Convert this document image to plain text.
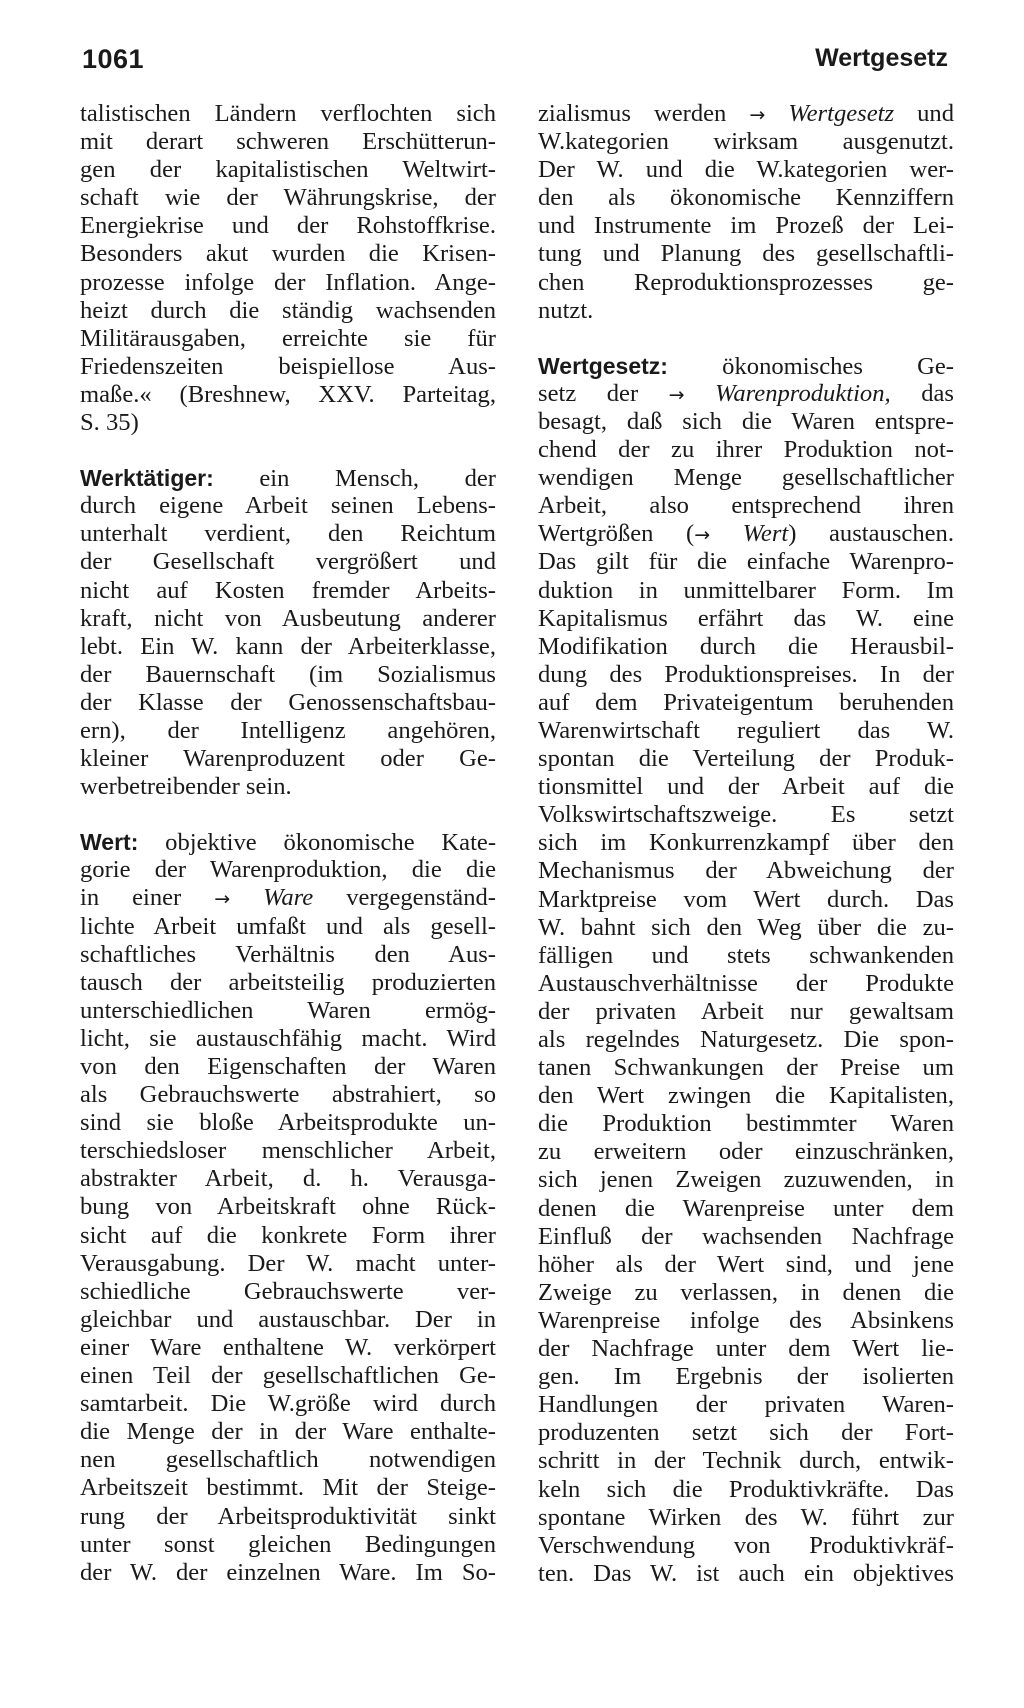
1061	Wertgesetz
talistischen Ländern verflochten sich
mit derart schweren Erschütterun-
gen der kapitalistischen Weltwirt-
schaft wie der Währungskrise, der
Energiekrise und der Rohstoffkrise.
Besonders akut wurden die Krisen-
prozesse infolge der Inflation. Ange-
heizt durch die ständig wachsenden
Militärausgaben, erreichte sie für
Friedenszeiten beispiellose Aus-
maße.« (Breshnew, XXV. Parteitag,
S. 35)
Werktätiger: ein Mensch, der
durch eigene Arbeit seinen Lebens-
unterhalt verdient, den Reichtum
der Gesellschaft vergrößert und
nicht auf Kosten fremder Arbeits-
kraft, nicht von Ausbeutung anderer
lebt. Ein W. kann der Arbeiterklasse,
der Bauernschaft (im Sozialismus
der Klasse der Genossenschaftsbau-
ern), der Intelligenz angehören,
kleiner Warenproduzent oder Ge-
werbetreibender sein.
Wert: objektive ökonomische Kate-
gorie der Warenproduktion, die die
in einer → Ware vergegenständ-
lichte Arbeit umfaßt und als gesell-
schaftliches Verhältnis den Aus-
tausch der arbeitsteilig produzierten
unterschiedlichen Waren ermög-
licht, sie austauschfähig macht. Wird
von den Eigenschaften der Waren
als Gebrauchswerte abstrahiert, so
sind sie bloße Arbeitsprodukte un-
terschiedsloser menschlicher Arbeit,
abstrakter Arbeit, d. h. Verausga-
bung von Arbeitskraft ohne Rück-
sicht auf die konkrete Form ihrer
Verausgabung. Der W. macht unter-
schiedliche Gebrauchswerte ver-
gleichbar und austauschbar. Der in
einer Ware enthaltene W. verkörpert
einen Teil der gesellschaftlichen Ge-
samtarbeit. Die W.größe wird durch
die Menge der in der Ware enthalte-
nen gesellschaftlich notwendigen
Arbeitszeit bestimmt. Mit der Steige-
rung der Arbeitsproduktivität sinkt
unter sonst gleichen Bedingungen
der W. der einzelnen Ware. Im So-
zialismus werden → Wertgesetz und
W.kategorien wirksam ausgenutzt.
Der W. und die W.kategorien wer-
den als ökonomische Kennziffern
und Instrumente im Prozeß der Lei-
tung und Planung des gesellschaftli-
chen Reproduktionsprozesses ge-
nutzt.
Wertgesetz: ökonomisches Ge-
setz der → Warenproduktion, das
besagt, daß sich die Waren entspre-
chend der zu ihrer Produktion not-
wendigen Menge gesellschaftlicher
Arbeit, also entsprechend ihren
Wertgrößen (→ Wert) austauschen.
Das gilt für die einfache Warenpro-
duktion in unmittelbarer Form. Im
Kapitalismus erfährt das W. eine
Modifikation durch die Herausbil-
dung des Produktionspreises. In der
auf dem Privateigentum beruhenden
Warenwirtschaft reguliert das W.
spontan die Verteilung der Produk-
tionsmittel und der Arbeit auf die
Volkswirtschaftszweige. Es setzt
sich im Konkurrenzkampf über den
Mechanismus der Abweichung der
Marktpreise vom Wert durch. Das
W. bahnt sich den Weg über die zu-
fälligen und stets schwankenden
Austauschverhältnisse der Produkte
der privaten Arbeit nur gewaltsam
als regelndes Naturgesetz. Die spon-
tanen Schwankungen der Preise um
den Wert zwingen die Kapitalisten,
die Produktion bestimmter Waren
zu erweitern oder einzuschränken,
sich jenen Zweigen zuzuwenden, in
denen die Warenpreise unter dem
Einfluß der wachsenden Nachfrage
höher als der Wert sind, und jene
Zweige zu verlassen, in denen die
Warenpreise infolge des Absinkens
der Nachfrage unter dem Wert lie-
gen. Im Ergebnis der isolierten
Handlungen der privaten Waren-
produzenten setzt sich der Fort-
schritt in der Technik durch, entwik-
keln sich die Produktivkräfte. Das
spontane Wirken des W. führt zur
Verschwendung von Produktivkräf-
ten. Das W. ist auch ein objektives
